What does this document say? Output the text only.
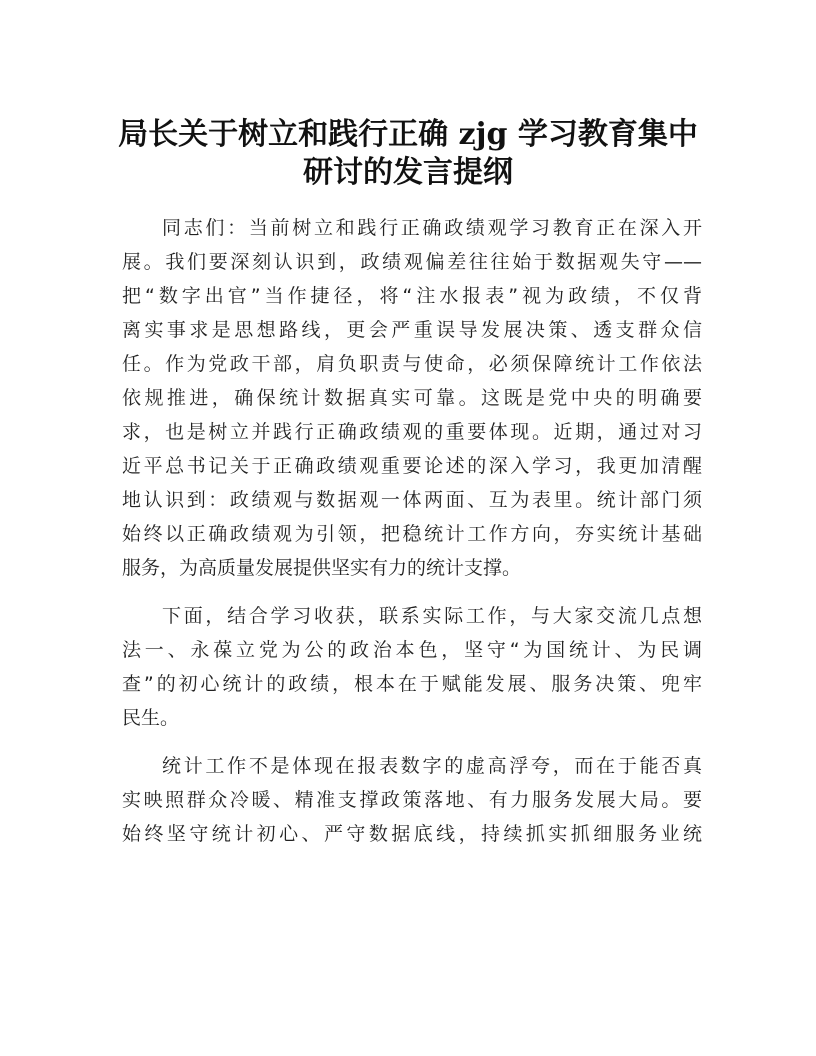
局长关于树立和践行正确 zjg 学习教育集中
研讨的发言提纲
同志们：当前树立和践行正确政绩观学习教育正在深入开
展。我们要深刻认识到，政绩观偏差往往始于数据观失守——
把“数字出官”当作捷径，将“注水报表”视为政绩，不仅背
离实事求是思想路线，更会严重误导发展决策、透支群众信
任。作为党政干部，肩负职责与使命，必须保障统计工作依法
依规推进，确保统计数据真实可靠。这既是党中央的明确要
求，也是树立并践行正确政绩观的重要体现。近期，通过对习
近平总书记关于正确政绩观重要论述的深入学习，我更加清醒
地认识到：政绩观与数据观一体两面、互为表里。统计部门须
始终以正确政绩观为引领，把稳统计工作方向，夯实统计基础
服务，为高质量发展提供坚实有力的统计支撑。
下面，结合学习收获，联系实际工作，与大家交流几点想
法一、永葆立党为公的政治本色，坚守“为国统计、为民调
查”的初心统计的政绩，根本在于赋能发展、服务决策、兜牢
民生。
统计工作不是体现在报表数字的虚高浮夸，而在于能否真
实映照群众冷暖、精准支撑政策落地、有力服务发展大局。要
始终坚守统计初心、严守数据底线，持续抓实抓细服务业统
